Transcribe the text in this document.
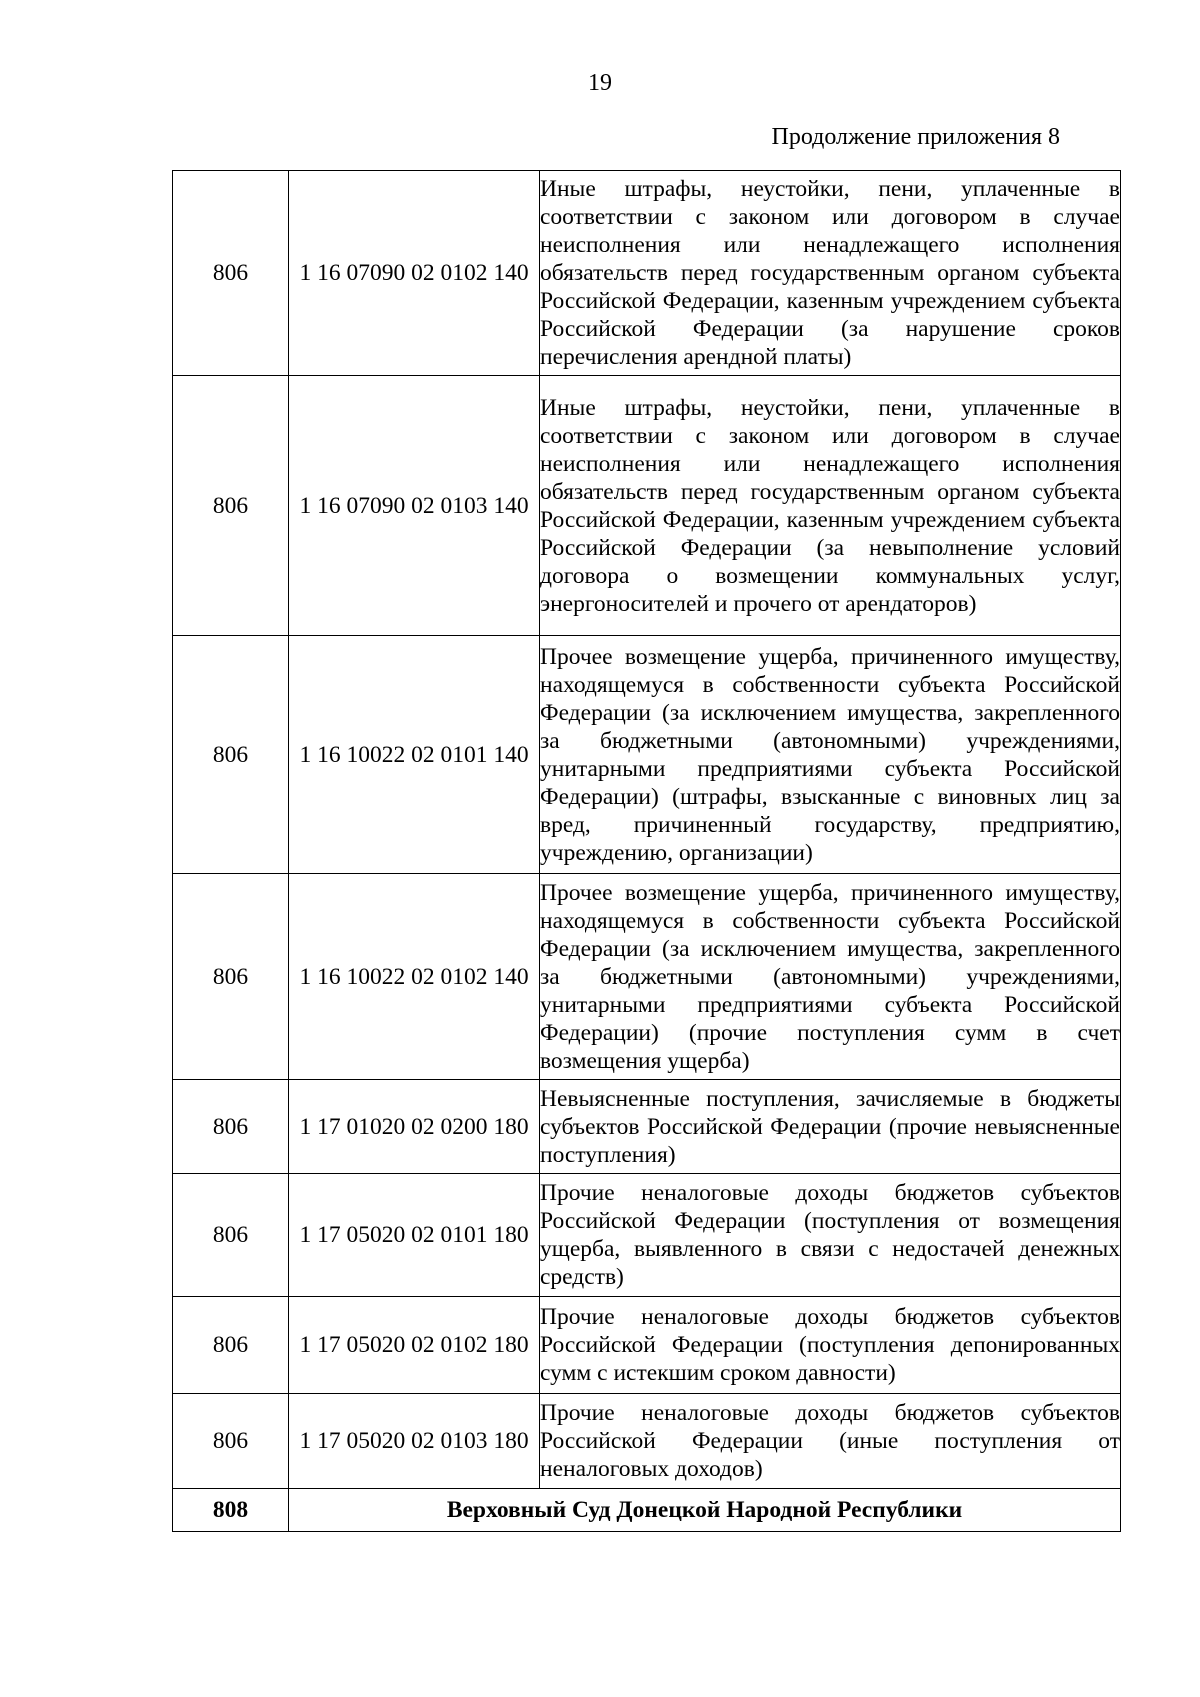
19
Продолжение приложения 8
806	1 16 07090 02 0102 140	Иные штрафы, неустойки, пени, уплаченные в соответствии с законом или договором в случае неисполнения или ненадлежащего исполнения обязательств перед государственным органом субъекта Российской Федерации, казенным учреждением субъекта Российской Федерации (за нарушение сроков перечисления арендной платы)
806	1 16 07090 02 0103 140	Иные штрафы, неустойки, пени, уплаченные в соответствии с законом или договором в случае неисполнения или ненадлежащего исполнения обязательств перед государственным органом субъекта Российской Федерации, казенным учреждением субъекта Российской Федерации (за невыполнение условий договора о возмещении коммунальных услуг, энергоносителей и прочего от арендаторов)
806	1 16 10022 02 0101 140	Прочее возмещение ущерба, причиненного имуществу, находящемуся в собственности субъекта Российской Федерации (за исключением имущества, закрепленного за бюджетными (автономными) учреждениями, унитарными предприятиями субъекта Российской Федерации) (штрафы, взысканные с виновных лиц за вред, причиненный государству, предприятию, учреждению, организации)
806	1 16 10022 02 0102 140	Прочее возмещение ущерба, причиненного имуществу, находящемуся в собственности субъекта Российской Федерации (за исключением имущества, закрепленного за бюджетными (автономными) учреждениями, унитарными предприятиями субъекта Российской Федерации) (прочие поступления сумм в счет возмещения ущерба)
806	1 17 01020 02 0200 180	Невыясненные поступления, зачисляемые в бюджеты субъектов Российской Федерации (прочие невыясненные поступления)
806	1 17 05020 02 0101 180	Прочие неналоговые доходы бюджетов субъектов Российской Федерации (поступления от возмещения ущерба, выявленного в связи с недостачей денежных средств)
806	1 17 05020 02 0102 180	Прочие неналоговые доходы бюджетов субъектов Российской Федерации (поступления депонированных сумм с истекшим сроком давности)
806	1 17 05020 02 0103 180	Прочие неналоговые доходы бюджетов субъектов Российской Федерации (иные поступления от неналоговых доходов)
808	Верховный Суд Донецкой Народной Республики	
